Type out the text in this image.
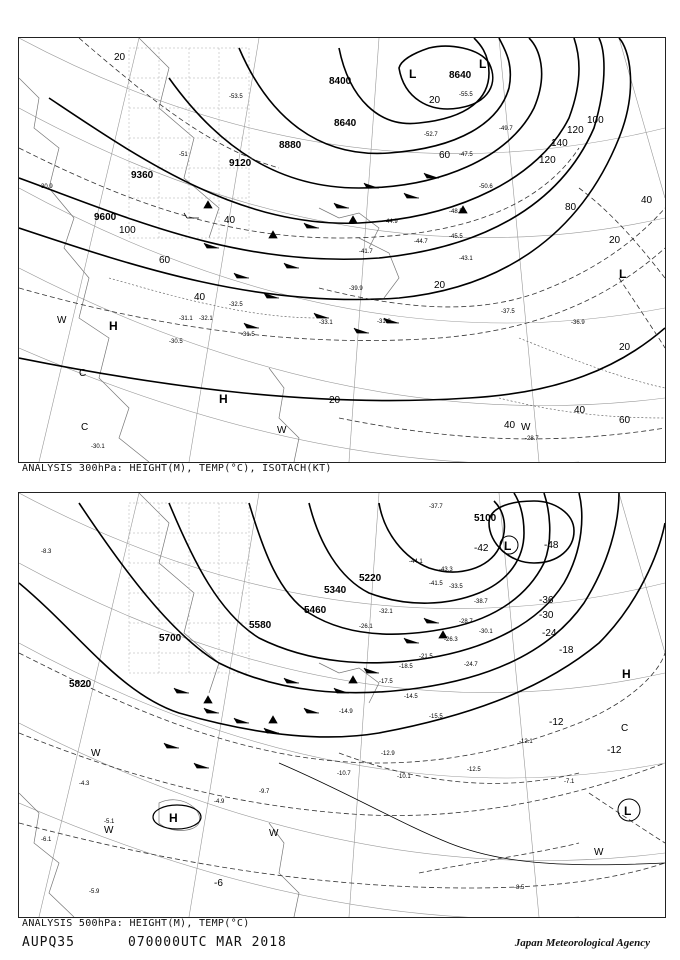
9600
9360
9120
8880
8640
8640
8400
20
40
60
100
120
140
120
100
80
60
40
20
20
40
60
40
20
20
20
40
H
H
L
L
L
W
W	W
C
C
-31.5
-33.1	-31.8
-37.5
-36.9
-28.7
-43.1
-44.7
-45.5
-47.5
-48.5
-50.6
-52.7
-55.5
-49.7
-53.5
-51
-30.5
-30.1
-30.9
-31.1 -32.1
-32.5
-41.7
-39.9
-44.9
ANALYSIS 300hPa: HEIGHT(M), TEMP(°C), ISOTACH(KT)
5820
5700
5580
5460
5340
5220
5100
-6
-12
-12
-18
-24
-30
-36
-42	-48
H
H
L
L
W
W
W
C
W
-12.9
-10.7	-10.1
-12.5
-12.1
-7.1
-8.5
-9.7
-15.5
-14.5
-14.9
-17.5
-18.5
-21.5
-24.7
-26.3
-28.7
-30.1
-33.5
-38.7
-41.5
-43.3
-44.1
-37.7
-32.1
-26.1
-5.1
-4.3
-8.3
-6.1
-5.9
-4.9
ANALYSIS 500hPa: HEIGHT(M), TEMP(°C)
AUPQ35	070000UTC MAR 2018	Japan Meteorological Agency
